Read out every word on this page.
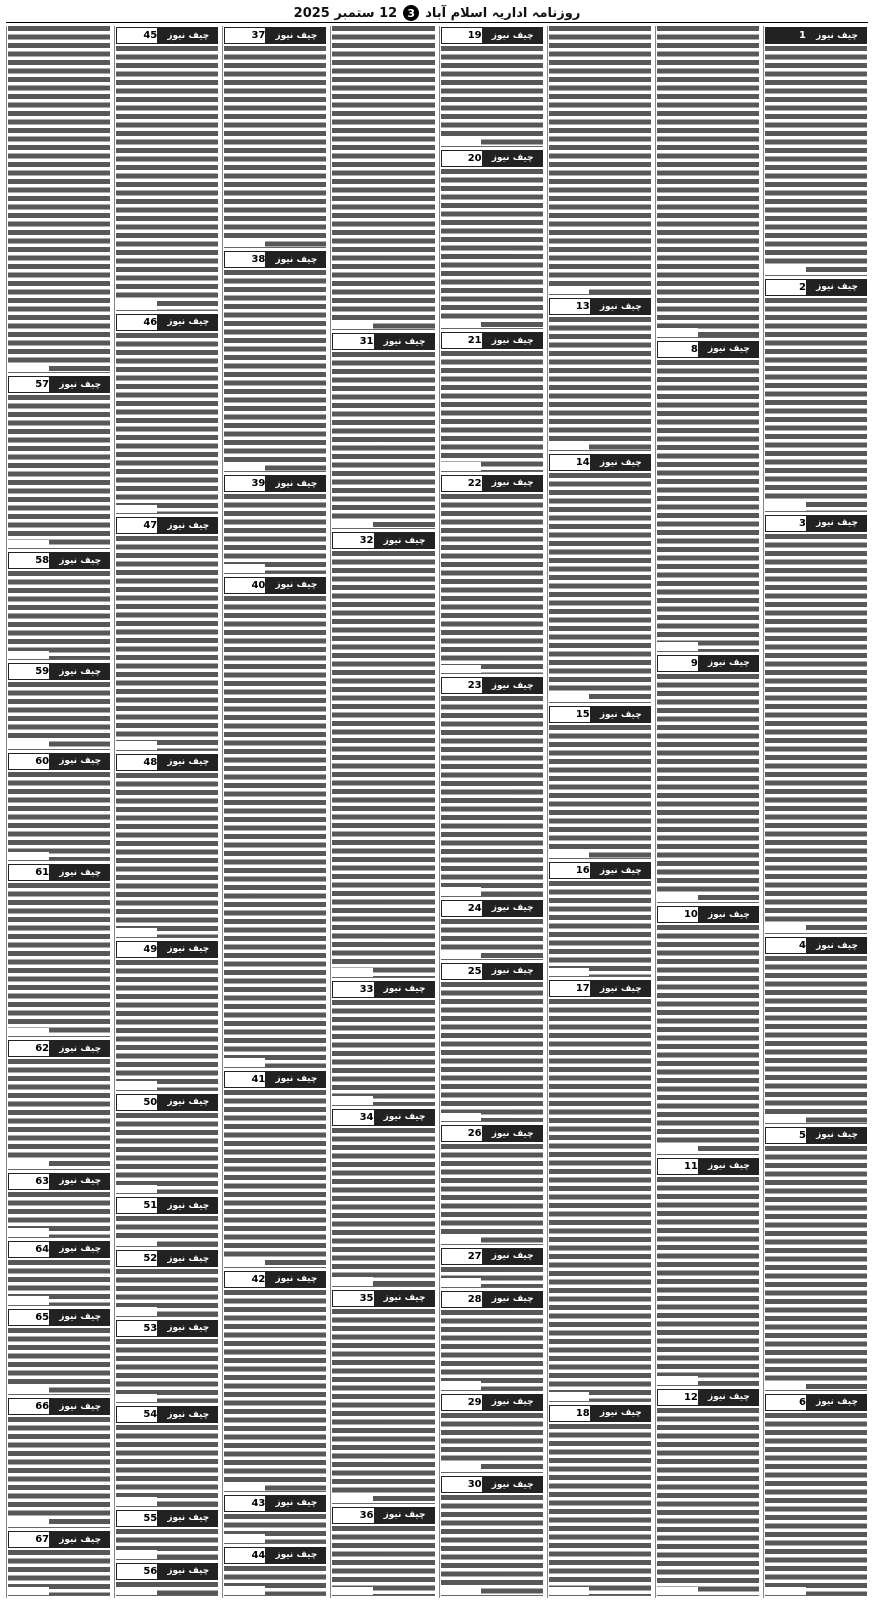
روزنامہ اداریہ اسلام آباد
3
12 ستمبر 2025
چیف نیوز
1
چیف نیوز
2
چیف نیوز
3
چیف نیوز
4
چیف نیوز
5
چیف نیوز
6
چیف نیوز
8
چیف نیوز
9
چیف نیوز
10
چیف نیوز
11
چیف نیوز
12
چیف نیوز
13
چیف نیوز
14
چیف نیوز
15
چیف نیوز
16
چیف نیوز
17
چیف نیوز
18
چیف نیوز
19
چیف نیوز
20
چیف نیوز
21
چیف نیوز
22
چیف نیوز
23
چیف نیوز
24
چیف نیوز
25
چیف نیوز
26
چیف نیوز
27
چیف نیوز
28
چیف نیوز
29
چیف نیوز
30
چیف نیوز
31
چیف نیوز
32
چیف نیوز
33
چیف نیوز
34
چیف نیوز
35
چیف نیوز
36
چیف نیوز
37
چیف نیوز
38
چیف نیوز
39
چیف نیوز
40
چیف نیوز
41
چیف نیوز
42
چیف نیوز
43
چیف نیوز
44
چیف نیوز
45
چیف نیوز
46
چیف نیوز
47
چیف نیوز
48
چیف نیوز
49
چیف نیوز
50
چیف نیوز
51
چیف نیوز
52
چیف نیوز
53
چیف نیوز
54
چیف نیوز
55
چیف نیوز
56
چیف نیوز
57
چیف نیوز
58
چیف نیوز
59
چیف نیوز
60
چیف نیوز
61
چیف نیوز
62
چیف نیوز
63
چیف نیوز
64
چیف نیوز
65
چیف نیوز
66
چیف نیوز
67
